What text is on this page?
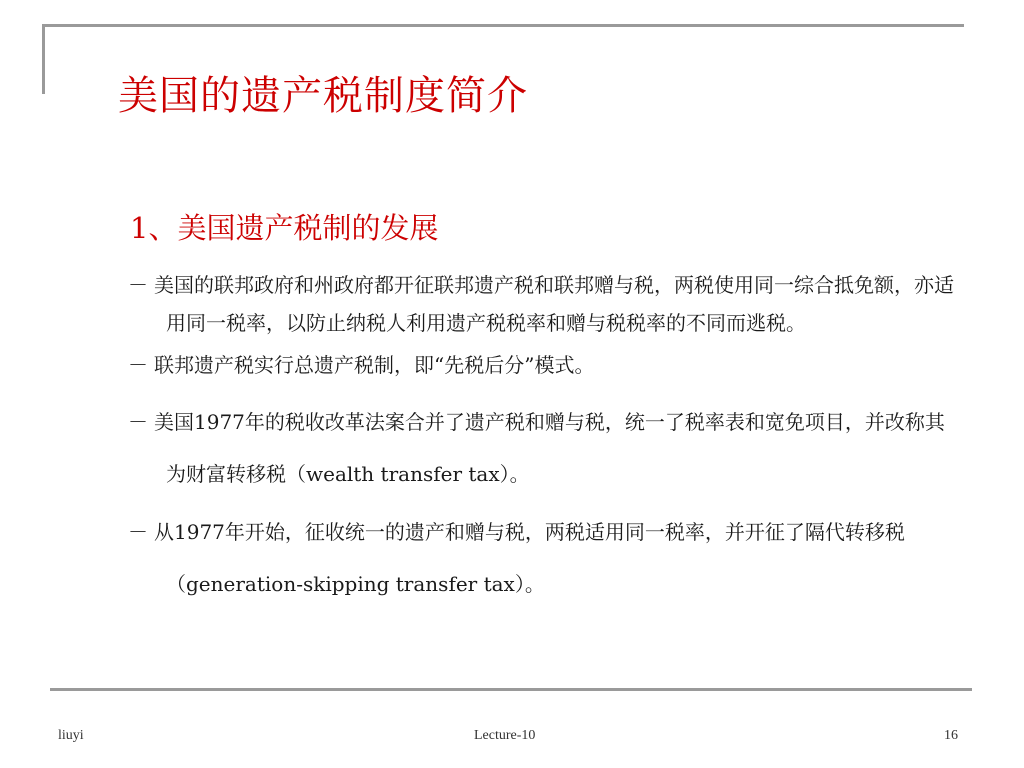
美国的遗产税制度简介
1、美国遗产税制的发展
－ 美国的联邦政府和州政府都开征联邦遗产税和联邦赠与税，两税使用同一综合抵免额，亦适用同一税率，以防止纳税人利用遗产税税率和赠与税税率的不同而逃税。
－ 联邦遗产税实行总遗产税制，即“先税后分”模式。
－ 美国1977年的税收改革法案合并了遗产税和赠与税，统一了税率表和宽免项目，并改称其为财富转移税（wealth transfer tax）。
－ 从1977年开始，征收统一的遗产和赠与税，两税适用同一税率，并开征了隔代转移税（generation-skipping transfer tax）。
liuyi	Lecture-10	16
